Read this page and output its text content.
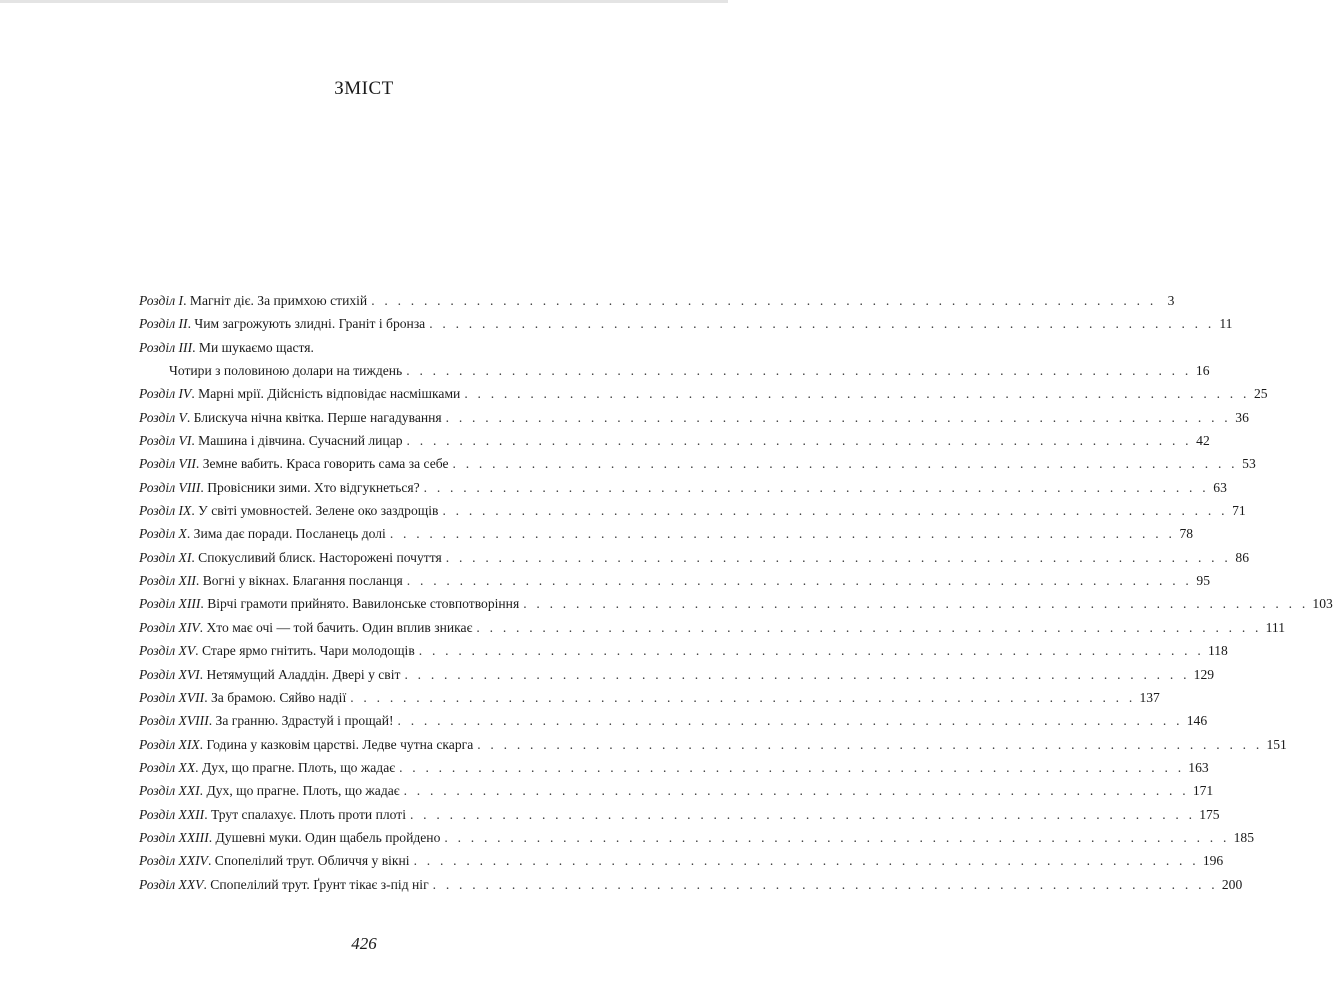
ЗМІСТ
Розділ I . Магніт діє. За примхою стихій . . . . . . . . . . . . . . . . . . . . . . . . . . . . . . . . . . . . . . . . . . . . . . . . . . . . . . . . . . . . 3
Розділ II . Чим загрожують злидні. Граніт і бронза . . . . . . . . . . . . . . . . . . . . . . . . . . . . . . . . . . . . . . . . . . . . . . . . . . . . . . . . . . . . 11
Розділ III . Ми шукаємо щастя.
Чотири з половиною долари на тиждень . . . . . . . . . . . . . . . . . . . . . . . . . . . . . . . . . . . . . . . . . . . . . . . . . . . . . . . . . . . . 16
Розділ IV . Марні мрії. Дійсність відповідає насмішками . . . . . . . . . . . . . . . . . . . . . . . . . . . . . . . . . . . . . . . . . . . . . . . . . . . . . . . . . . . . 25
Розділ V . Блискуча нічна квітка. Перше нагадування . . . . . . . . . . . . . . . . . . . . . . . . . . . . . . . . . . . . . . . . . . . . . . . . . . . . . . . . . . . . 36
Розділ VI . Машина і дівчина. Сучасний лицар . . . . . . . . . . . . . . . . . . . . . . . . . . . . . . . . . . . . . . . . . . . . . . . . . . . . . . . . . . . . 42
Розділ VII . Земне вабить. Краса говорить сама за себе . . . . . . . . . . . . . . . . . . . . . . . . . . . . . . . . . . . . . . . . . . . . . . . . . . . . . . . . . . . . 53
Розділ VIII . Провісники зими. Хто відгукнеться? . . . . . . . . . . . . . . . . . . . . . . . . . . . . . . . . . . . . . . . . . . . . . . . . . . . . . . . . . . . . 63
Розділ IX . У світі умовностей. Зелене око заздрощів . . . . . . . . . . . . . . . . . . . . . . . . . . . . . . . . . . . . . . . . . . . . . . . . . . . . . . . . . . . . 71
Розділ X . Зима дає поради. Посланець долі . . . . . . . . . . . . . . . . . . . . . . . . . . . . . . . . . . . . . . . . . . . . . . . . . . . . . . . . . . . . 78
Розділ XI . Спокусливий блиск. Насторожені почуття . . . . . . . . . . . . . . . . . . . . . . . . . . . . . . . . . . . . . . . . . . . . . . . . . . . . . . . . . . . . 86
Розділ XII . Вогні у вікнах. Благання посланця . . . . . . . . . . . . . . . . . . . . . . . . . . . . . . . . . . . . . . . . . . . . . . . . . . . . . . . . . . . . 95
Розділ XIII . Вірчі грамоти прийнято. Вавилонське стовпотворіння . . . . . . . . . . . . . . . . . . . . . . . . . . . . . . . . . . . . . . . . . . . . . . . . . . . . . . . . . . . . 103
Розділ XIV . Хто має очі — той бачить. Один вплив зникає . . . . . . . . . . . . . . . . . . . . . . . . . . . . . . . . . . . . . . . . . . . . . . . . . . . . . . . . . . . . 111
Розділ XV . Старе ярмо гнітить. Чари молодощів . . . . . . . . . . . . . . . . . . . . . . . . . . . . . . . . . . . . . . . . . . . . . . . . . . . . . . . . . . . . 118
Розділ XVI . Нетямущий Аладдін. Двері у світ . . . . . . . . . . . . . . . . . . . . . . . . . . . . . . . . . . . . . . . . . . . . . . . . . . . . . . . . . . . . 129
Розділ XVII . За брамою. Сяйво надії . . . . . . . . . . . . . . . . . . . . . . . . . . . . . . . . . . . . . . . . . . . . . . . . . . . . . . . . . . . . 137
Розділ XVIII . За гранню. Здрастуй і прощай! . . . . . . . . . . . . . . . . . . . . . . . . . . . . . . . . . . . . . . . . . . . . . . . . . . . . . . . . . . . . 146
Розділ XIX . Година у казковім царстві. Ледве чутна скарга . . . . . . . . . . . . . . . . . . . . . . . . . . . . . . . . . . . . . . . . . . . . . . . . . . . . . . . . . . . . 151
Розділ XX . Дух, що прагне. Плоть, що жадає . . . . . . . . . . . . . . . . . . . . . . . . . . . . . . . . . . . . . . . . . . . . . . . . . . . . . . . . . . . . 163
Розділ XXI . Дух, що прагне. Плоть, що жадає . . . . . . . . . . . . . . . . . . . . . . . . . . . . . . . . . . . . . . . . . . . . . . . . . . . . . . . . . . . . 171
Розділ XXII . Трут спалахує. Плоть проти плоті . . . . . . . . . . . . . . . . . . . . . . . . . . . . . . . . . . . . . . . . . . . . . . . . . . . . . . . . . . . . 175
Розділ XXIII . Душевні муки. Один щабель пройдено . . . . . . . . . . . . . . . . . . . . . . . . . . . . . . . . . . . . . . . . . . . . . . . . . . . . . . . . . . . . 185
Розділ XXIV . Спопелілий трут. Обличчя у вікні . . . . . . . . . . . . . . . . . . . . . . . . . . . . . . . . . . . . . . . . . . . . . . . . . . . . . . . . . . . . 196
Розділ XXV . Спопелілий трут. Ґрунт тікає з-під ніг . . . . . . . . . . . . . . . . . . . . . . . . . . . . . . . . . . . . . . . . . . . . . . . . . . . . . . . . . . . . 200
426
